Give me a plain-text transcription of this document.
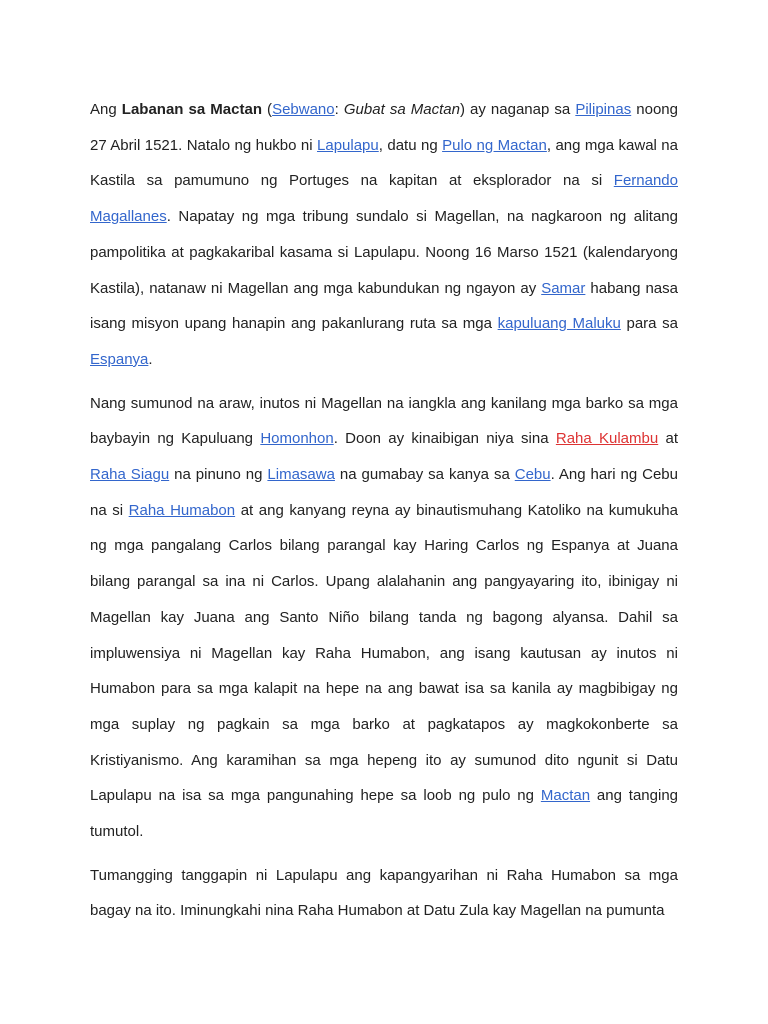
Ang Labanan sa Mactan (Sebwano: Gubat sa Mactan) ay naganap sa Pilipinas noong 27 Abril 1521. Natalo ng hukbo ni Lapulapu, datu ng Pulo ng Mactan, ang mga kawal na Kastila sa pamumuno ng Portuges na kapitan at eksplorador na si Fernando Magallanes. Napatay ng mga tribung sundalo si Magellan, na nagkaroon ng alitang pampolitika at pagkakaribal kasama si Lapulapu. Noong 16 Marso 1521 (kalendaryong Kastila), natanaw ni Magellan ang mga kabundukan ng ngayon ay Samar habang nasa isang misyon upang hanapin ang pakanlurang ruta sa mga kapuluang Maluku para sa Espanya.

Nang sumunod na araw, inutos ni Magellan na iangkla ang kanilang mga barko sa mga baybayin ng Kapuluang Homonhon. Doon ay kinaibigan niya sina Raha Kulambu at Raha Siagu na pinuno ng Limasawa na gumabay sa kanya sa Cebu. Ang hari ng Cebu na si Raha Humabon at ang kanyang reyna ay binautismuhang Katoliko na kumukuha ng mga pangalang Carlos bilang parangal kay Haring Carlos ng Espanya at Juana bilang parangal sa ina ni Carlos. Upang alalahanin ang pangyayaring ito, ibinigay ni Magellan kay Juana ang Santo Niño bilang tanda ng bagong alyansa. Dahil sa impluwensiya ni Magellan kay Raha Humabon, ang isang kautusan ay inutos ni Humabon para sa mga kalapit na hepe na ang bawat isa sa kanila ay magbibigay ng mga suplay ng pagkain sa mga barko at pagkatapos ay magkokonberte sa Kristiyanismo. Ang karamihan sa mga hepeng ito ay sumunod dito ngunit si Datu Lapulapu na isa sa mga pangunahing hepe sa loob ng pulo ng Mactan ang tanging tumutol.

Tumangging tanggapin ni Lapulapu ang kapangyarihan ni Raha Humabon sa mga bagay na ito. Iminungkahi nina Raha Humabon at Datu Zula kay Magellan na pumunta
